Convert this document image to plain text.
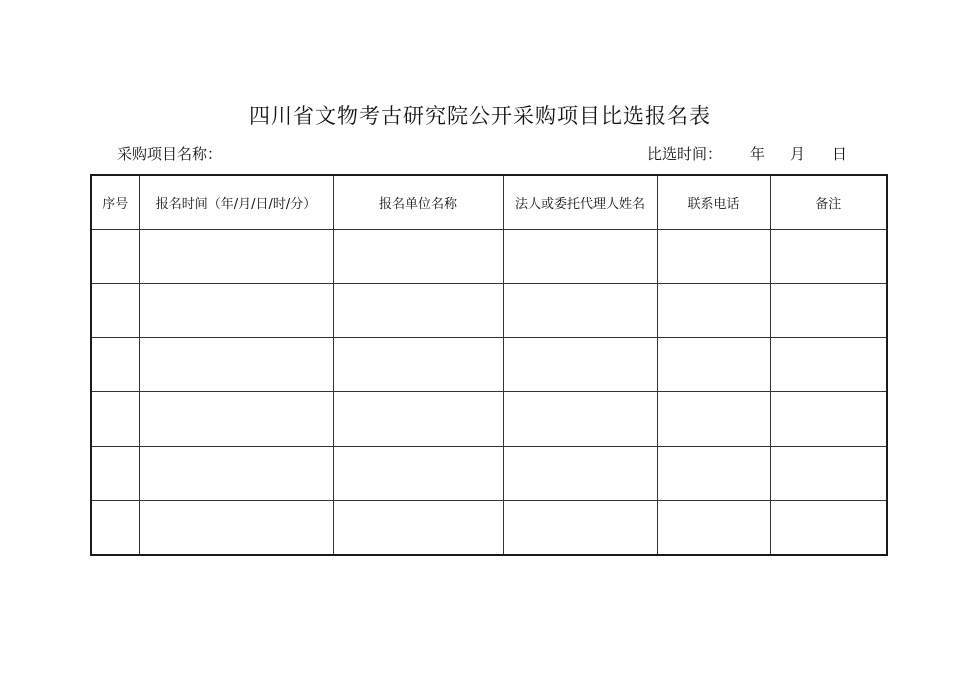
四川省文物考古研究院公开采购项目比选报名表
采购项目名称：	比选时间： 年 月 日
序号	报名时间（年/月/日/时/分）	报名单位名称	法人或委托代理人姓名	联系电话	备注
